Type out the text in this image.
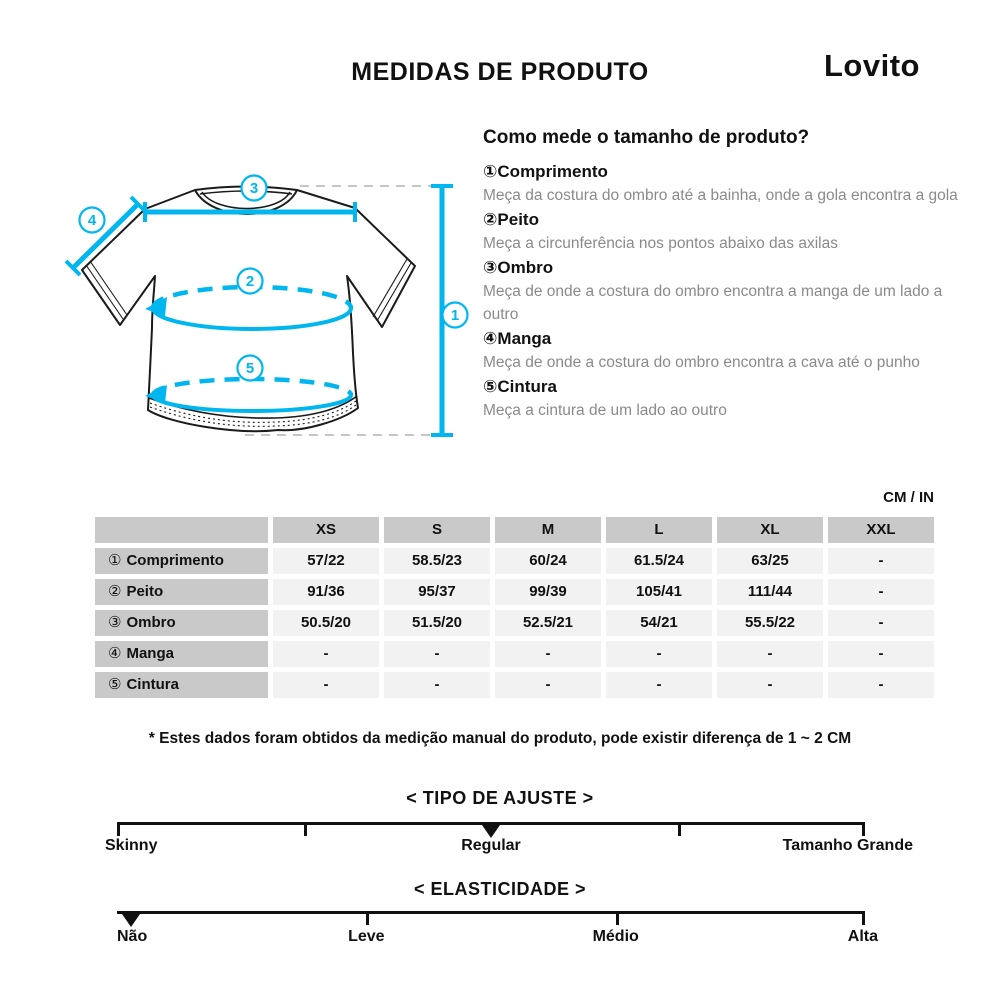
MEDIDAS DE PRODUTO	Lovito
3
4
2
5
1
Como mede o tamanho de produto?
①Comprimento
Meça da costura do ombro até a bainha, onde a gola encontra a gola
②Peito
Meça a circunferência nos pontos abaixo das axilas
③Ombro
Meça de onde a costura do ombro encontra a manga de um lado a outro
④Manga
Meça de onde a costura do ombro encontra a cava até o punho
⑤Cintura
Meça a cintura de um lado ao outro
CM / IN
XS	S	M	L	XL	XXL
① Comprimento	57/22	58.5/23	60/24	61.5/24	63/25	-
② Peito	91/36	95/37	99/39	105/41	111/44	-
③ Ombro	50.5/20	51.5/20	52.5/21	54/21	55.5/22	-
④ Manga	-	-	-	-	-	-
⑤ Cintura	-	-	-	-	-	-
* Estes dados foram obtidos da medição manual do produto, pode existir diferença de 1 ~ 2 CM
< TIPO DE AJUSTE >
Skinny	Regular	Tamanho Grande
< ELASTICIDADE >
Não	Leve	Médio	Alta
